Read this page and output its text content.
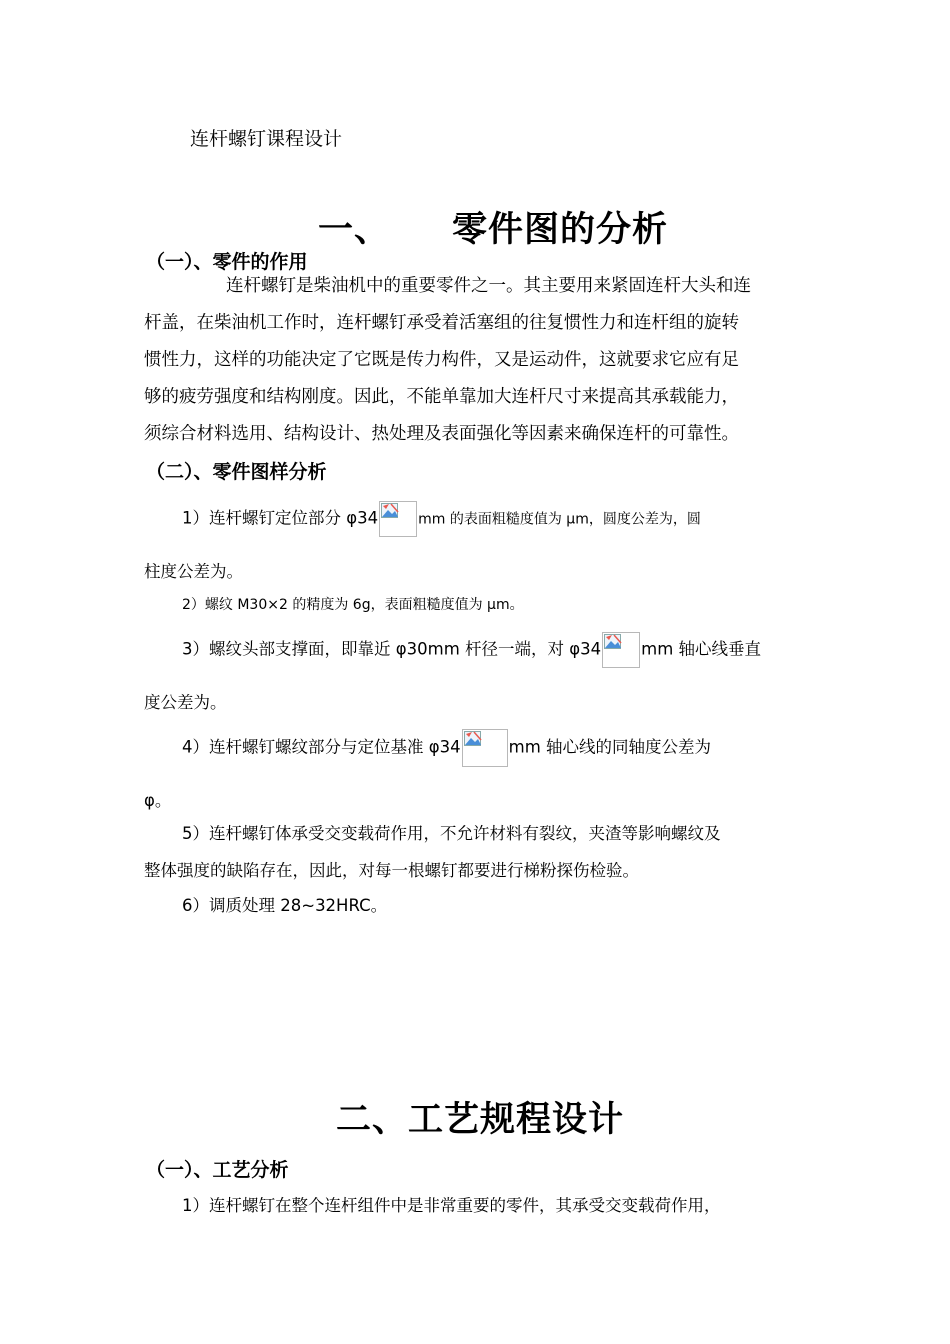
连杆螺钉课程设计
一、 零件图的分析
（一）、零件的作用
连杆螺钉是柴油机中的重要零件之一。其主要用来紧固连杆大头和连
杆盖，在柴油机工作时，连杆螺钉承受着活塞组的往复惯性力和连杆组的旋转
惯性力，这样的功能决定了它既是传力构件，又是运动件，这就要求它应有足
够的疲劳强度和结构刚度。因此，不能单靠加大连杆尺寸来提高其承载能力，
须综合材料选用、结构设计、热处理及表面强化等因素来确保连杆的可靠性。
（二）、零件图样分析
1）连杆螺钉定位部分 φ34	mm 的表面粗糙度值为 μm，圆度公差为，圆
柱度公差为。
2）螺纹 M30×2 的精度为 6g，表面粗糙度值为 μm。
3）螺纹头部支撑面，即靠近 φ30mm 杆径一端，对 φ34 mm 轴心线垂直
度公差为。
4）连杆螺钉螺纹部分与定位基准 φ34	mm 轴心线的同轴度公差为
φ。
5）连杆螺钉体承受交变载荷作用，不允许材料有裂纹，夹渣等影响螺纹及
整体强度的缺陷存在，因此，对每一根螺钉都要进行梯粉探伤检验。
6）调质处理 28~32HRC。
二、工艺规程设计
（一）、工艺分析
1）连杆螺钉在整个连杆组件中是非常重要的零件，其承受交变载荷作用，
